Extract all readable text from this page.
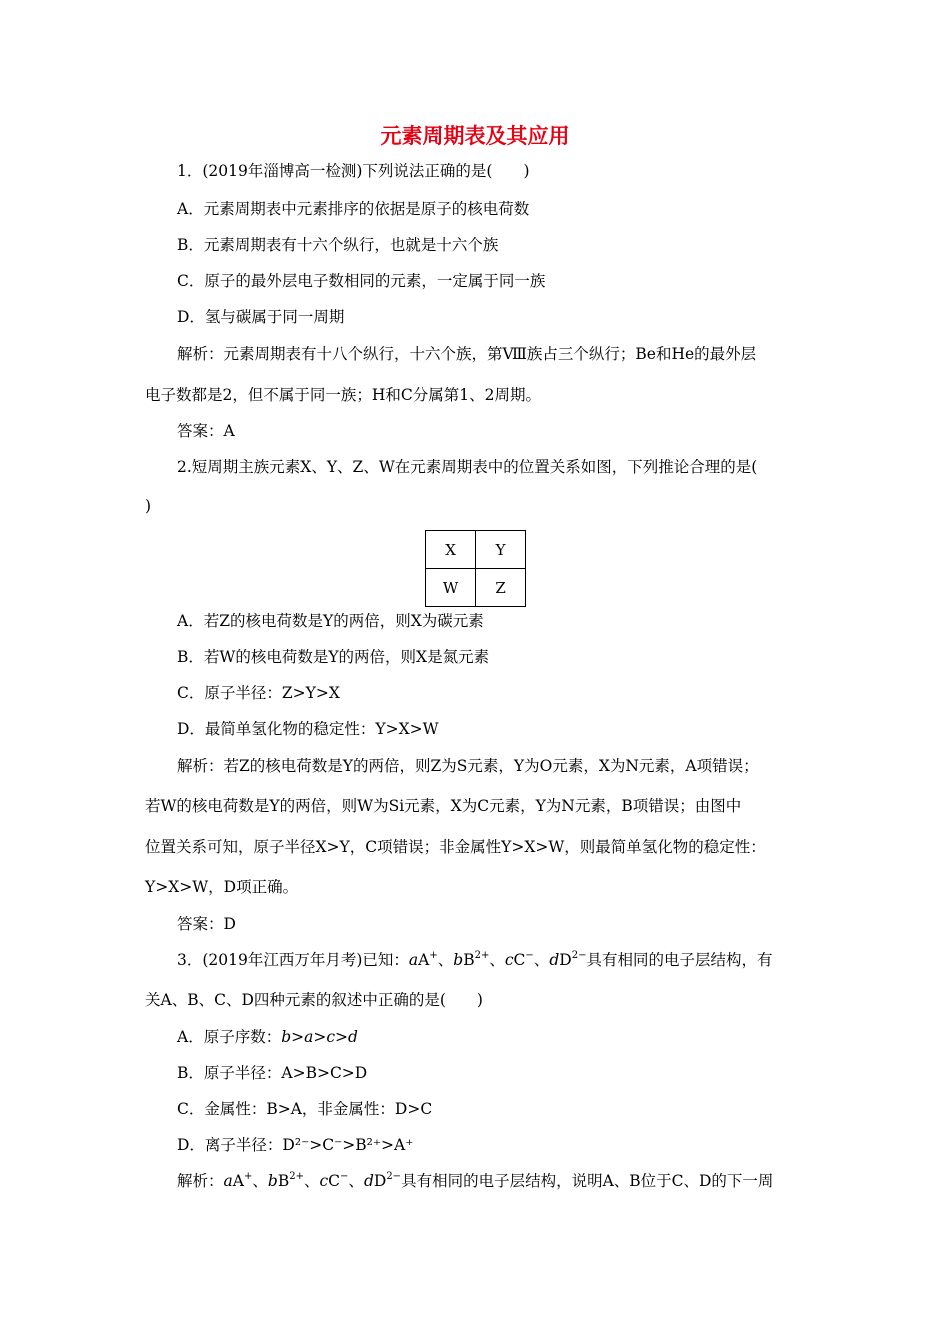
元素周期表及其应用
1．(2019年淄博高一检测)下列说法正确的是(　　)
A．元素周期表中元素排序的依据是原子的核电荷数
B．元素周期表有十六个纵行，也就是十六个族
C．原子的最外层电子数相同的元素，一定属于同一族
D．氢与碳属于同一周期
解析：元素周期表有十八个纵行，十六个族，第Ⅷ族占三个纵行；Be和He的最外层
电子数都是2，但不属于同一族；H和C分属第1、2周期。
答案：A
2.短周期主族元素X、Y、Z、W在元素周期表中的位置关系如图，下列推论合理的是(
)
X	Y
W	Z
A．若Z的核电荷数是Y的两倍，则X为碳元素
B．若W的核电荷数是Y的两倍，则X是氮元素
C．原子半径：Z>Y>X
D．最简单氢化物的稳定性：Y>X>W
解析：若Z的核电荷数是Y的两倍，则Z为S元素，Y为O元素，X为N元素，A项错误；
若W的核电荷数是Y的两倍，则W为Si元素，X为C元素，Y为N元素，B项错误；由图中
位置关系可知，原子半径X>Y，C项错误；非金属性Y>X>W，则最简单氢化物的稳定性：
Y>X>W，D项正确。
答案：D
3．(2019年江西万年月考)已知：aA+、$bB^{2+}$、cC−、$dD^{2-}$具有相同的电子层结构，有
关A、B、C、D四种元素的叙述中正确的是(　　)
A．原子序数：b>a>c>d
B．原子半径：A>B>C>D
C．金属性：B>A，非金属性：D>C
D．离子半径：D²⁻>C⁻>B²⁺>A⁺
解析：aA+、$bB^{2+}$、cC−、$dD^{2-}$具有相同的电子层结构，说明A、B位于C、D的下一周
